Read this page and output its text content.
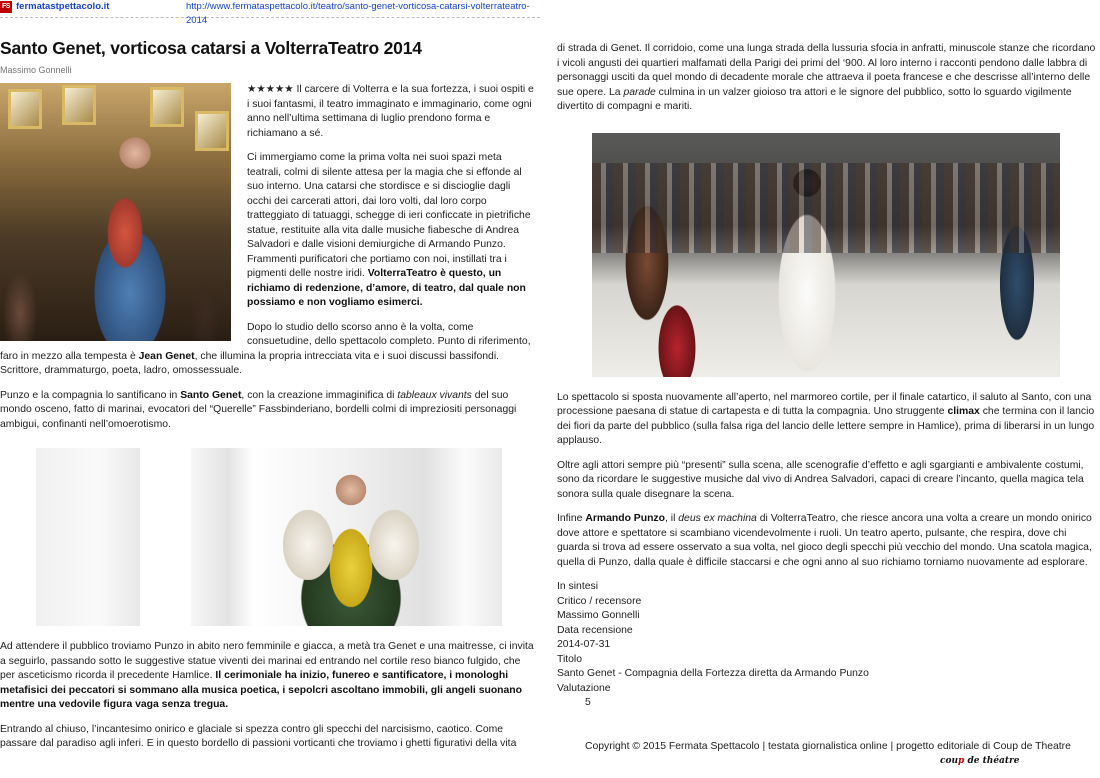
FS fermatastpettacolo.it	http://www.fermataspettacolo.it/teatro/santo-genet-vorticosa-catarsi-volterrateatro-2014
Santo Genet, vorticosa catarsi a VolterraTeatro 2014
Massimo Gonnelli

★★★★★ Il carcere di Volterra e la sua fortezza, i suoi ospiti e i suoi fantasmi, il teatro immaginato e immaginario, come ogni anno nell’ultima settimana di luglio prendono forma e richiamano a sé.

Ci immergiamo come la prima volta nei suoi spazi meta teatrali, colmi di silente attesa per la magia che si effonde al suo interno. Una catarsi che stordisce e si discioglie dagli occhi dei carcerati attori, dai loro volti, dal loro corpo tratteggiato di tatuaggi, schegge di ieri conficcate in pietrifiche statue, restituite alla vita dalle musiche fiabesche di Andrea Salvadori e dalle visioni demiurgiche di Armando Punzo. Frammenti purificatori che portiamo con noi, instillati tra i pigmenti delle nostre iridi. VolterraTeatro è questo, un richiamo di redenzione, d’amore, di teatro, dal quale non possiamo e non vogliamo esimerci.

Dopo lo studio dello scorso anno è la volta, come consuetudine, dello spettacolo completo. Punto di riferimento, faro in mezzo alla tempesta è Jean Genet, che illumina la propria intrecciata vita e i suoi discussi bassifondi. Scrittore, drammaturgo, poeta, ladro, omossessuale.

Punzo e la compagnia lo santificano in Santo Genet, con la creazione immaginifica di tableaux vivants del suo mondo osceno, fatto di marinai, evocatori del “Querelle” Fassbinderiano, bordelli colmi di impreziositi personaggi ambigui, confinanti nell’omoerotismo.

Ad attendere il pubblico troviamo Punzo in abito nero femminile e giacca, a metà tra Genet e una maitresse, ci invita a seguirlo, passando sotto le suggestive statue viventi dei marinai ed entrando nel cortile reso bianco fulgido, che per asceticismo ricorda il precedente Hamlice. Il cerimoniale ha inizio, funereo e santificatore, i monologhi metafisici dei peccatori si sommano alla musica poetica, i sepolcri ascoltano immobili, gli angeli suonano mentre una vedovile figura vaga senza tregua.

Entrando al chiuso, l’incantesimo onirico e glaciale si spezza contro gli specchi del narcisismo, caotico. Come passare dal paradiso agli inferi. E in questo bordello di passioni vorticanti che troviamo i ghetti figurativi della vita

di strada di Genet. Il corridoio, come una lunga strada della lussuria sfocia in anfratti, minuscole stanze che ricordano i vicoli angusti dei quartieri malfamati della Parigi dei primi del ‘900. Al loro interno i racconti pendono dalle labbra di personaggi usciti da quel mondo di decadente morale che attraeva il poeta francese e che descrisse all’interno delle sue opere. La parade culmina in un valzer gioioso tra attori e le signore del pubblico, sotto lo sguardo vigilmente divertito di compagni e mariti.

Lo spettacolo si sposta nuovamente all’aperto, nel marmoreo cortile, per il finale catartico, il saluto al Santo, con una processione paesana di statue di cartapesta e di tutta la compagnia. Uno struggente climax che termina con il lancio dei fiori da parte del pubblico (sulla falsa riga del lancio delle lettere sempre in Hamlice), prima di liberarsi in un lungo applauso.

Oltre agli attori sempre più “presenti” sulla scena, alle scenografie d’effetto e agli sgargianti e ambivalente costumi, sono da ricordare le suggestive musiche dal vivo di Andrea Salvadori, capaci di creare l’incanto, quella magica tela sonora sulla quale disegnare la scena.

Infine Armando Punzo, il deus ex machina di VolterraTeatro, che riesce ancora una volta a creare un mondo onirico dove attore e spettatore si scambiano vicendevolmente i ruoli. Un teatro aperto, pulsante, che respira, dove chi guarda si trova ad essere osservato a sua volta, nel gioco degli specchi più vecchio del mondo. Una scatola magica, quella di Punzo, dalla quale è difficile staccarsi e che ogni anno al suo richiamo torniamo nuovamente ad esplorare.

In sintesi
Critico / recensore
Massimo Gonnelli
Data recensione
2014-07-31
Titolo
Santo Genet - Compagnia della Fortezza diretta da Armando Punzo
Valutazione
5
Copyright © 2015 Fermata Spettacolo | testata giornalistica online | progetto editoriale di Coup de Theatre
coup de théatre
